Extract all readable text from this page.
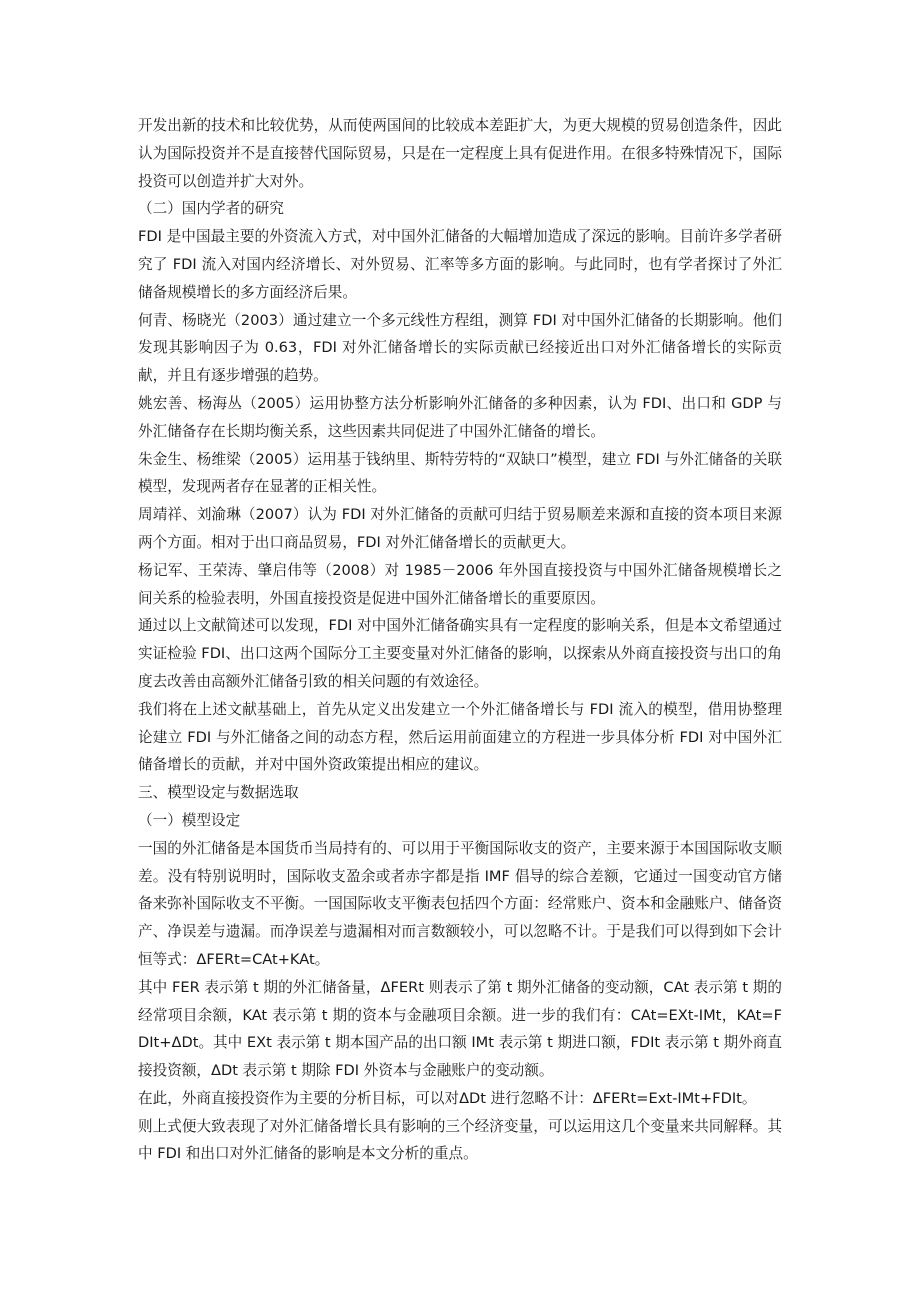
开发出新的技术和比较优势，从而使两国间的比较成本差距扩大，为更大规模的贸易创造条件，因此认为国际投资并不是直接替代国际贸易，只是在一定程度上具有促进作用。在很多特殊情况下，国际投资可以创造并扩大对外。

（二）国内学者的研究

FDI 是中国最主要的外资流入方式，对中国外汇储备的大幅增加造成了深远的影响。目前许多学者研究了 FDI 流入对国内经济增长、对外贸易、汇率等多方面的影响。与此同时，也有学者探讨了外汇储备规模增长的多方面经济后果。

何青、杨晓光（2003）通过建立一个多元线性方程组，测算 FDI 对中国外汇储备的长期影响。他们发现其影响因子为 0.63，FDI 对外汇储备增长的实际贡献已经接近出口对外汇储备增长的实际贡献，并且有逐步增强的趋势。

姚宏善、杨海丛（2005）运用协整方法分析影响外汇储备的多种因素，认为 FDI、出口和 GDP 与外汇储备存在长期均衡关系，这些因素共同促进了中国外汇储备的增长。

朱金生、杨维梁（2005）运用基于钱纳里、斯特劳特的“双缺口”模型，建立 FDI 与外汇储备的关联模型，发现两者存在显著的正相关性。

周靖祥、刘渝琳（2007）认为 FDI 对外汇储备的贡献可归结于贸易顺差来源和直接的资本项目来源两个方面。相对于出口商品贸易，FDI 对外汇储备增长的贡献更大。

杨记军、王荣涛、肇启伟等（2008）对 1985－2006 年外国直接投资与中国外汇储备规模增长之间关系的检验表明，外国直接投资是促进中国外汇储备增长的重要原因。

通过以上文献简述可以发现，FDI 对中国外汇储备确实具有一定程度的影响关系，但是本文希望通过实证检验 FDI、出口这两个国际分工主要变量对外汇储备的影响，以探索从外商直接投资与出口的角度去改善由高额外汇储备引致的相关问题的有效途径。

我们将在上述文献基础上，首先从定义出发建立一个外汇储备增长与 FDI 流入的模型，借用协整理论建立 FDI 与外汇储备之间的动态方程，然后运用前面建立的方程进一步具体分析 FDI 对中国外汇储备增长的贡献，并对中国外资政策提出相应的建议。

三、模型设定与数据选取

（一）模型设定

一国的外汇储备是本国货币当局持有的、可以用于平衡国际收支的资产，主要来源于本国国际收支顺差。没有特别说明时，国际收支盈余或者赤字都是指 IMF 倡导的综合差额，它通过一国变动官方储备来弥补国际收支不平衡。一国国际收支平衡表包括四个方面：经常账户、资本和金融账户、储备资产、净误差与遗漏。而净误差与遗漏相对而言数额较小，可以忽略不计。于是我们可以得到如下会计恒等式：ΔFERt=CAt+KAt。

其中 FER 表示第 t 期的外汇储备量，ΔFERt 则表示了第 t 期外汇储备的变动额，CAt 表示第 t 期的经常项目余额，KAt 表示第 t 期的资本与金融项目余额。进一步的我们有：CAt=EXt-IMt，KAt=FDIt+ΔDt。其中 EXt 表示第 t 期本国产品的出口额 IMt 表示第 t 期进口额，FDIt 表示第 t 期外商直接投资额，ΔDt 表示第 t 期除 FDI 外资本与金融账户的变动额。

在此，外商直接投资作为主要的分析目标，可以对ΔDt 进行忽略不计：ΔFERt=Ext-IMt+FDIt。

则上式便大致表现了对外汇储备增长具有影响的三个经济变量，可以运用这几个变量来共同解释。其中 FDI 和出口对外汇储备的影响是本文分析的重点。
